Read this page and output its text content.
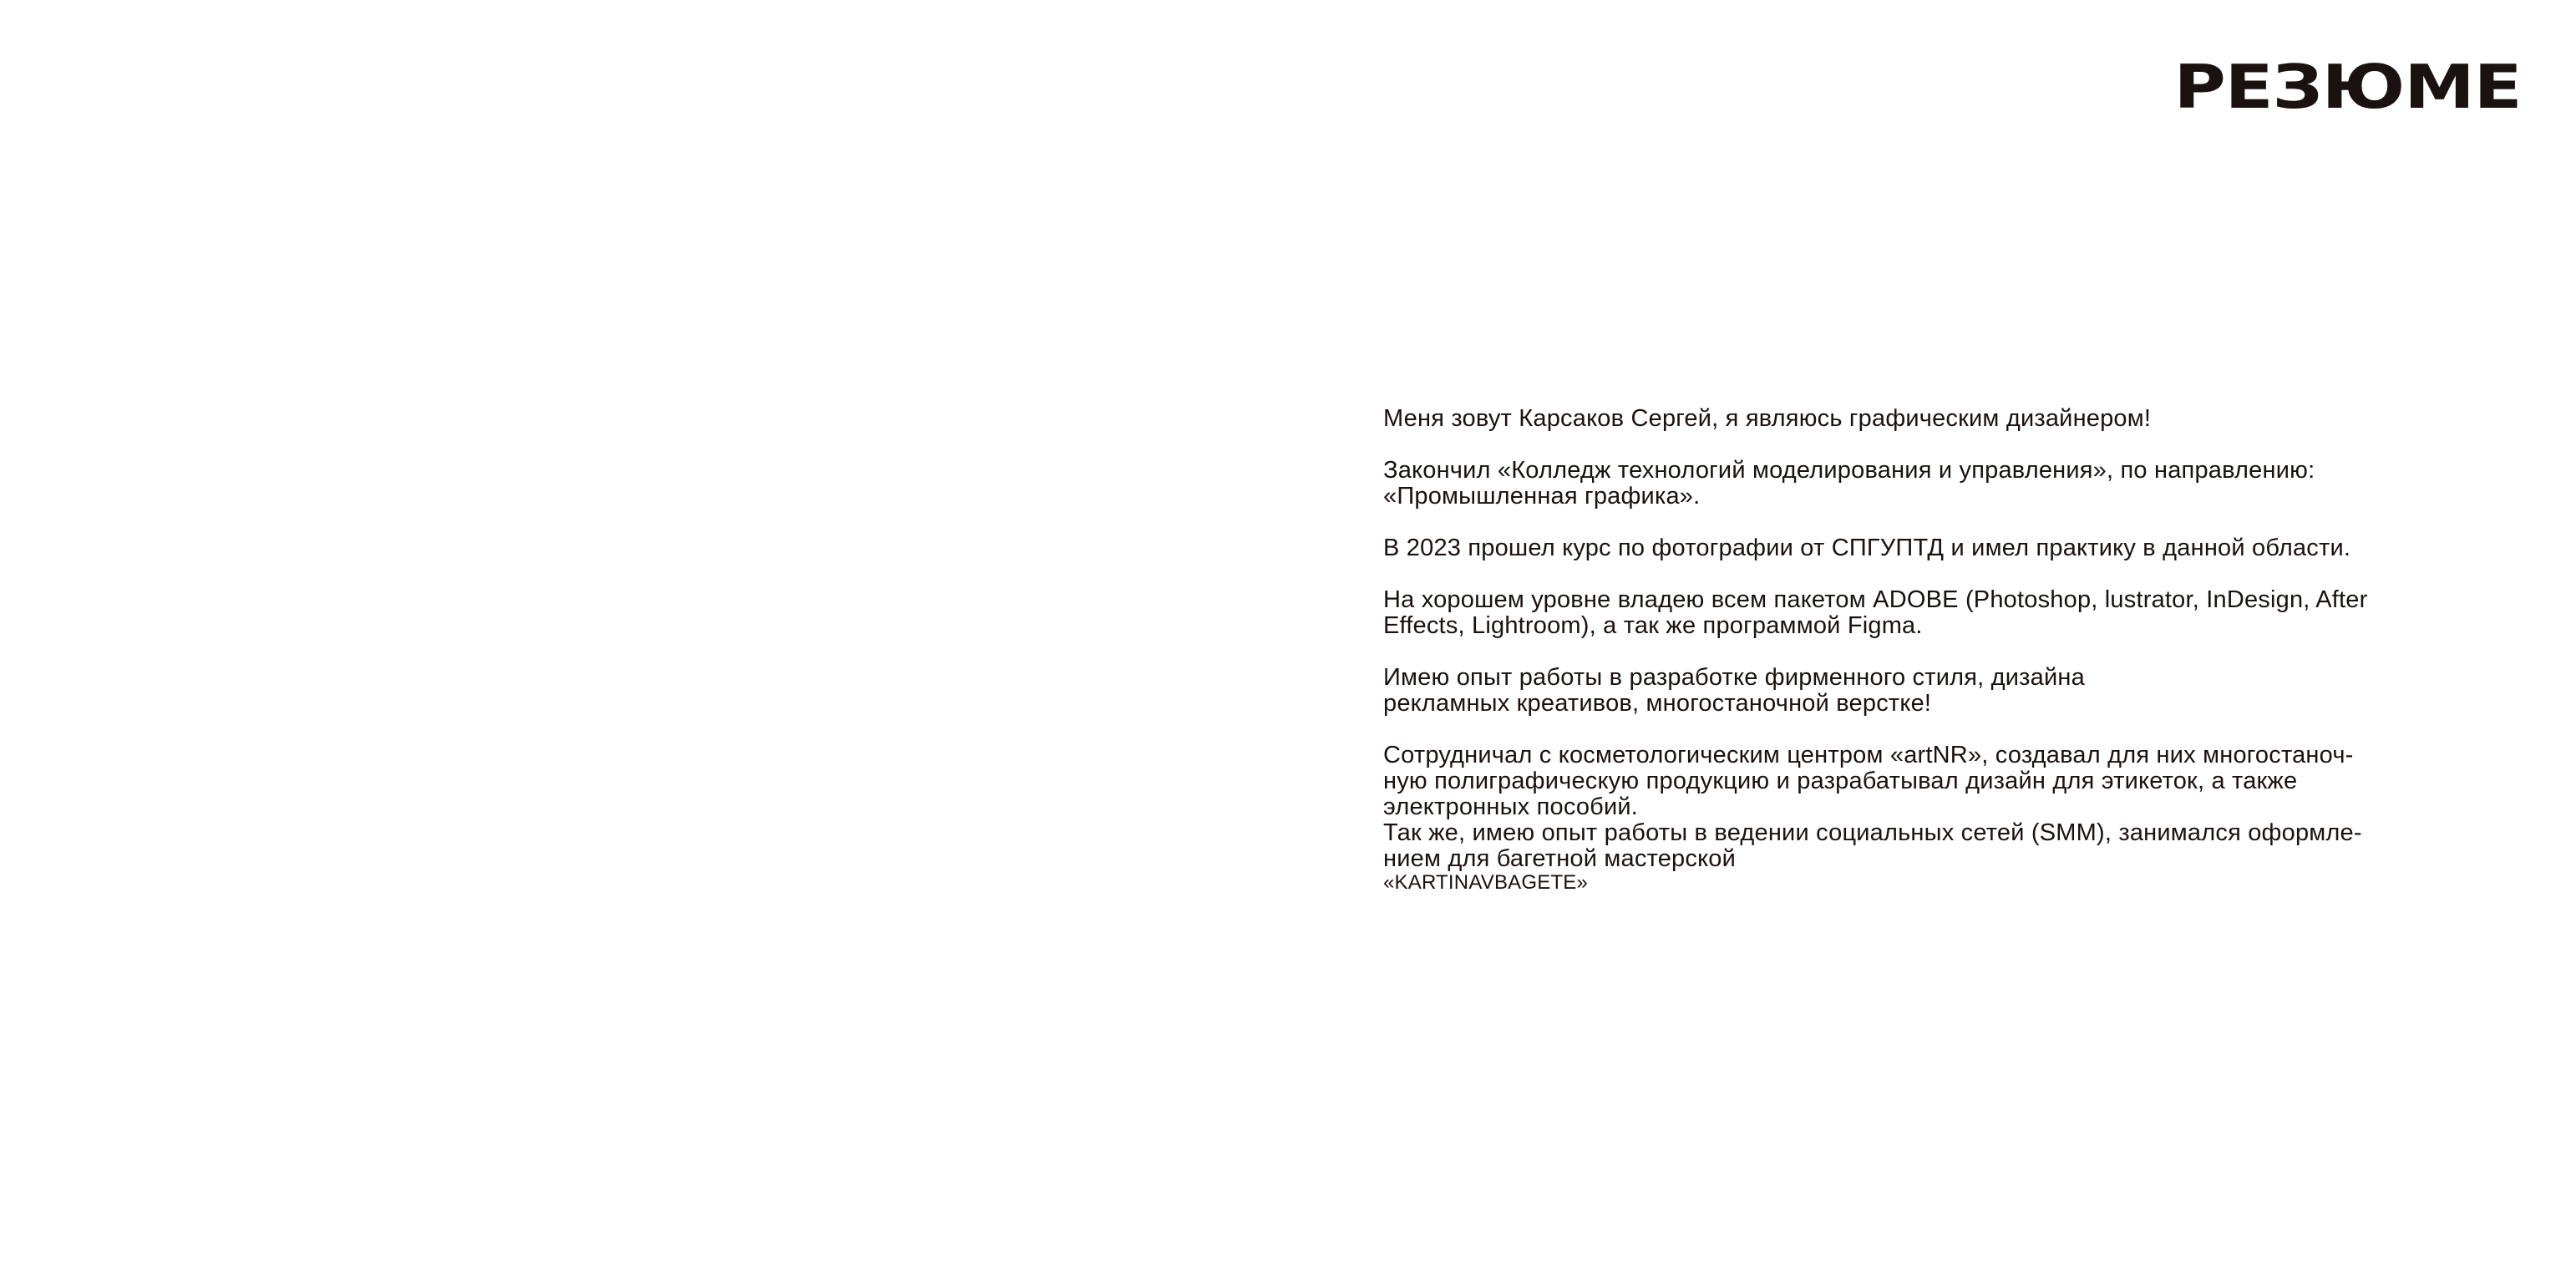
РЕЗЮМЕ

Меня зовут Карсаков Сергей, я являюсь графическим дизайнером!

Закончил «Колледж технологий моделирования и управления», по направлению:
«Промышленная графика».

В 2023 прошел курс по фотографии от СПГУПТД и имел практику в данной области.

На хорошем уровне владею всем пакетом ADOBE (Photoshop, lustrator, InDesign, After
Effects, Lightroom), а так же программой Figma.

Имею опыт работы в разработке фирменного стиля, дизайна
рекламных креативов, многостаночной верстке!

Сотрудничал с косметологическим центром «artNR», создавал для них многостаноч-
ную полиграфическую продукцию и разрабатывал дизайн для этикеток, а также
электронных пособий.
Так же, имею опыт работы в ведении социальных сетей (SMM), занимался оформле-
нием для багетной мастерской
«KARTINAVBAGETE»
